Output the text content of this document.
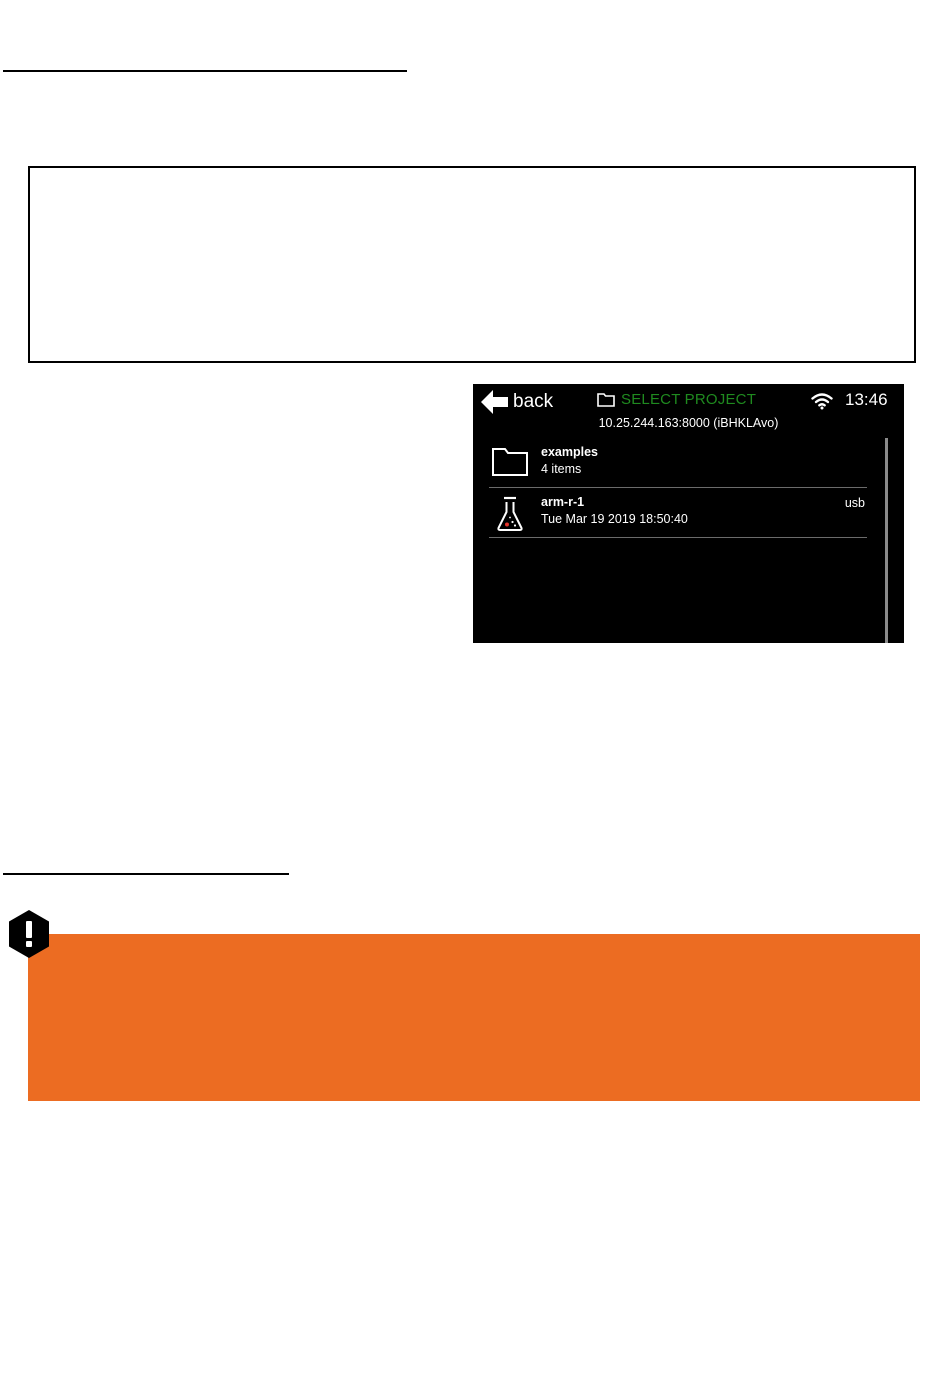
back	SELECT PROJECT	13:46
10.25.244.163:8000 (iBHKLAvo)
examples
4 items
arm-r-1
Tue Mar 19 2019 18:50:40
usb
